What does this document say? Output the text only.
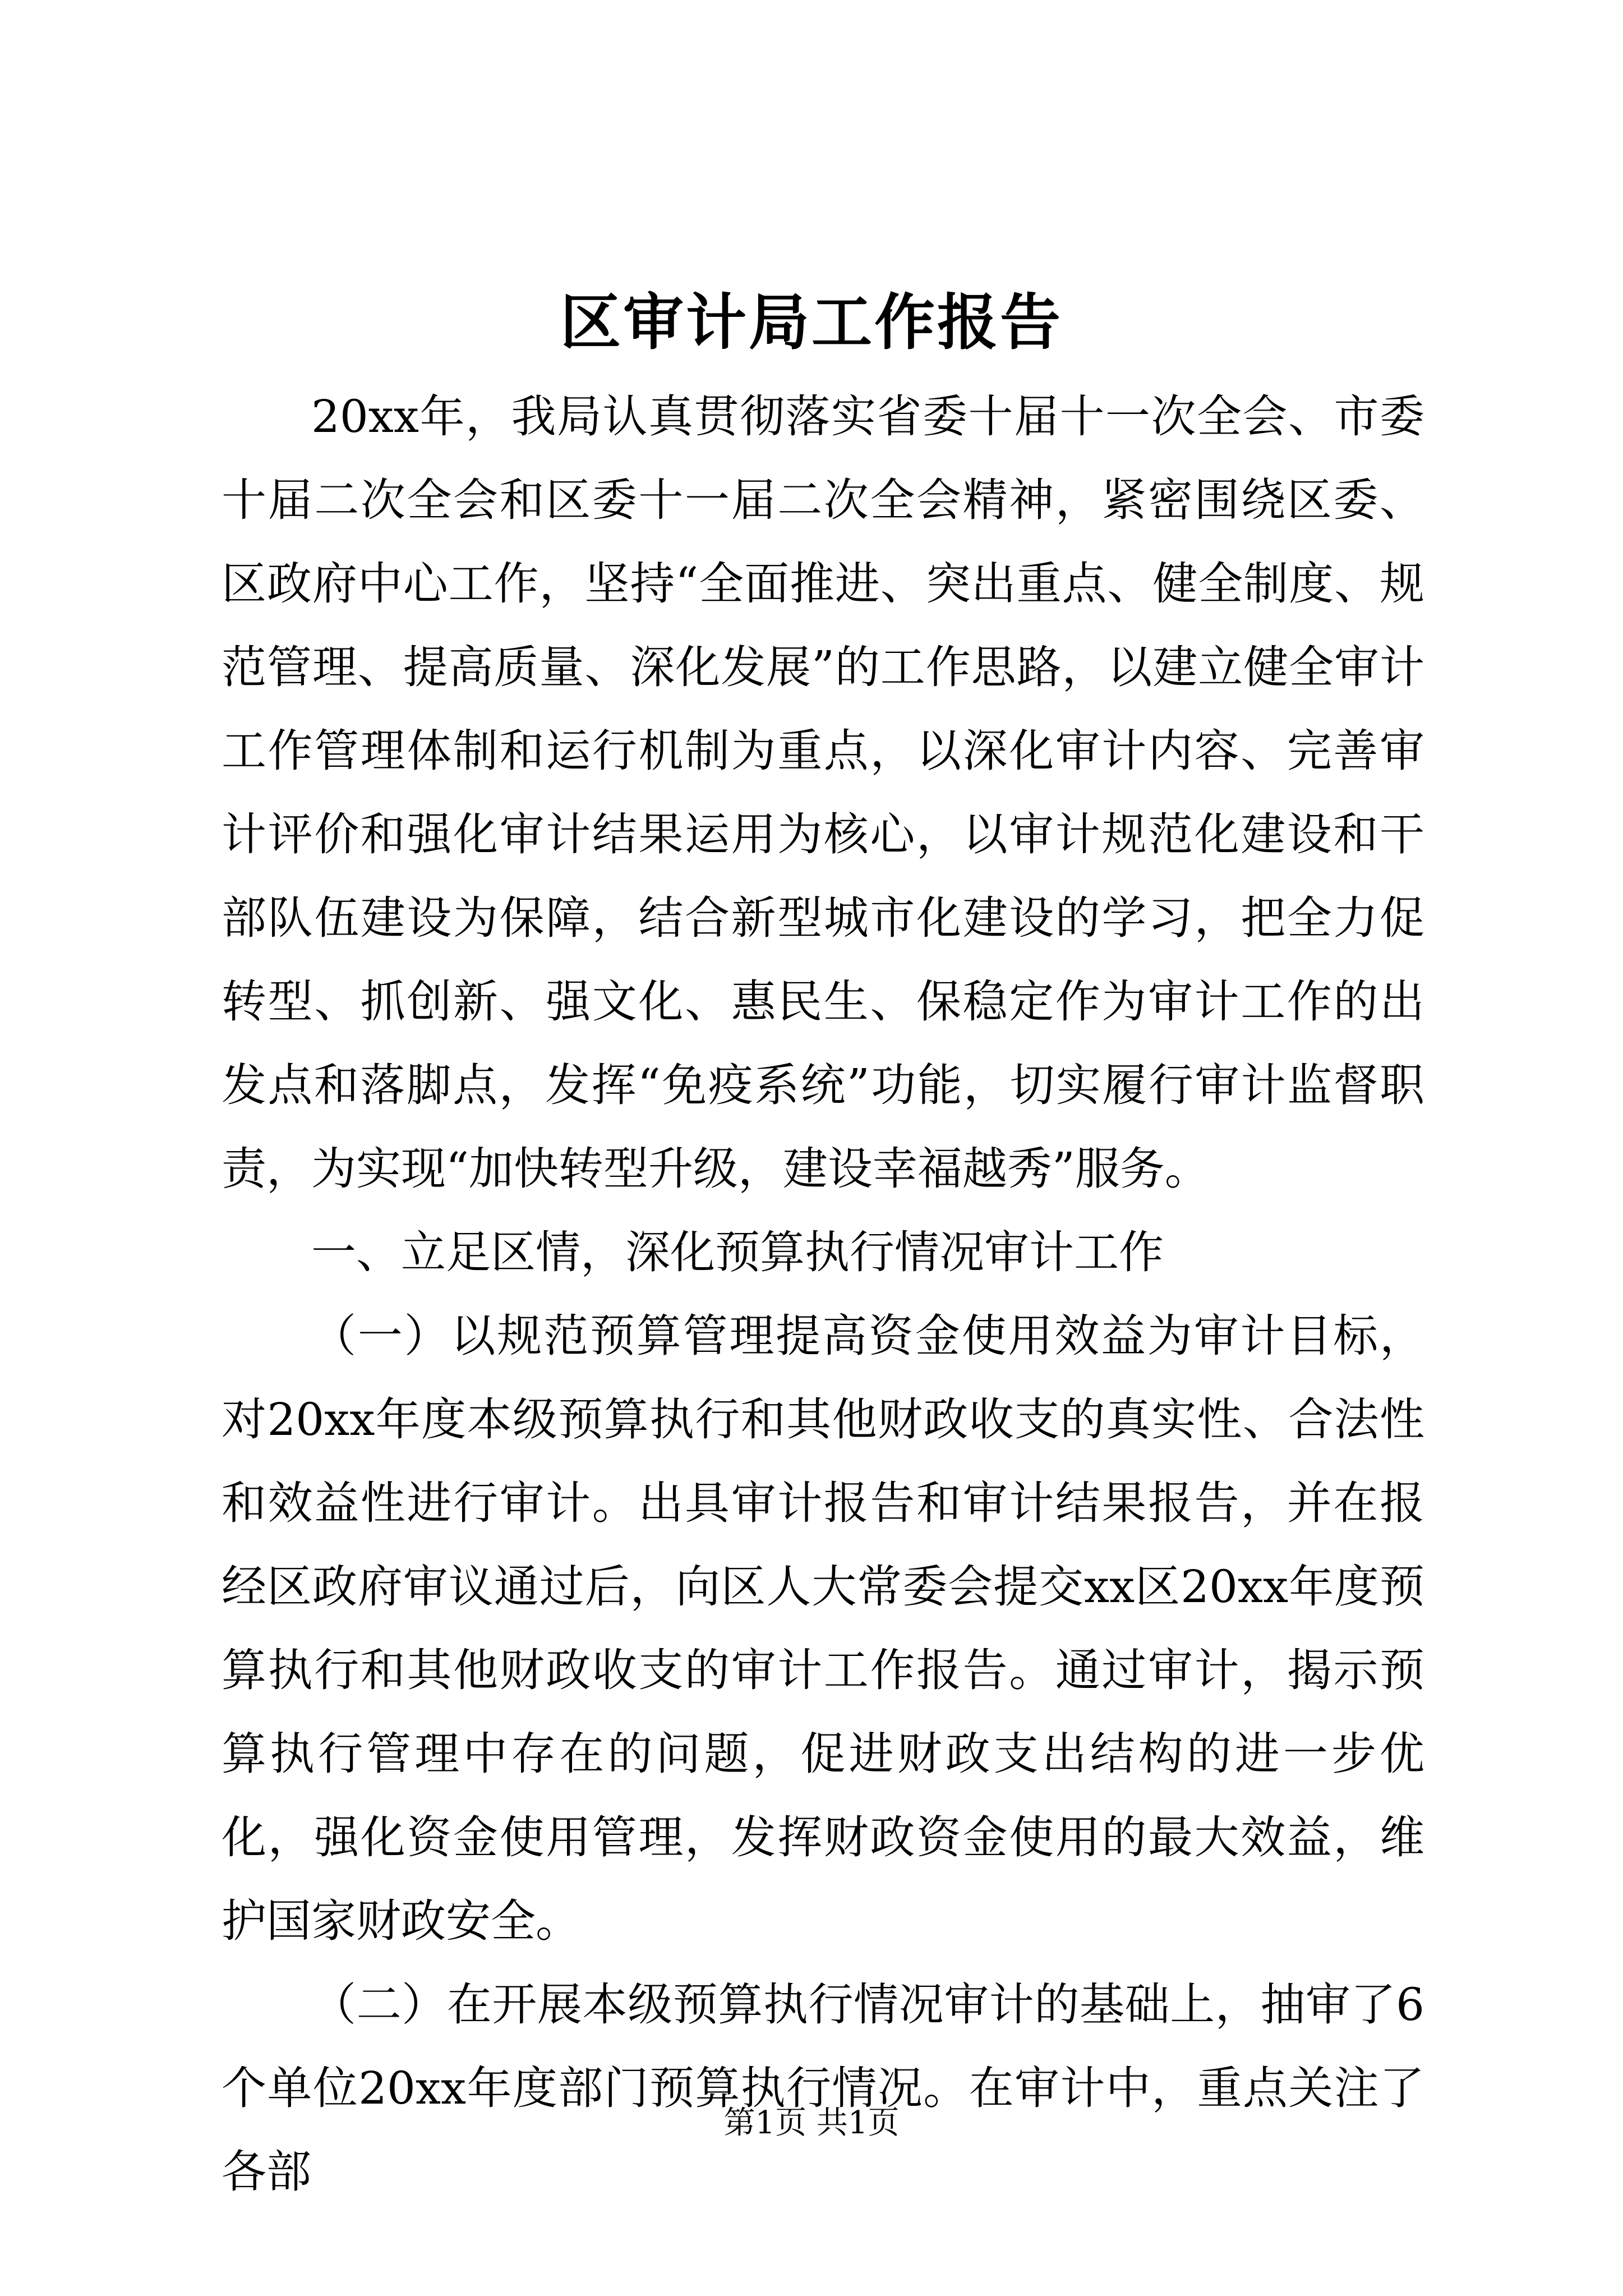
区审计局工作报告

20xx年，我局认真贯彻落实省委十届十一次全会、市委十届二次全会和区委十一届二次全会精神，紧密围绕区委、区政府中心工作，坚持“全面推进、突出重点、健全制度、规范管理、提高质量、深化发展”的工作思路，以建立健全审计工作管理体制和运行机制为重点，以深化审计内容、完善审计评价和强化审计结果运用为核心，以审计规范化建设和干部队伍建设为保障，结合新型城市化建设的学习，把全力促转型、抓创新、强文化、惠民生、保稳定作为审计工作的出发点和落脚点，发挥“免疫系统”功能，切实履行审计监督职责，为实现“加快转型升级，建设幸福越秀”服务。

一、立足区情，深化预算执行情况审计工作

（一）以规范预算管理提高资金使用效益为审计目标，对20xx年度本级预算执行和其他财政收支的真实性、合法性和效益性进行审计。出具审计报告和审计结果报告，并在报经区政府审议通过后，向区人大常委会提交xx区20xx年度预算执行和其他财政收支的审计工作报告。通过审计，揭示预算执行管理中存在的问题，促进财政支出结构的进一步优化，强化资金使用管理，发挥财政资金使用的最大效益，维护国家财政安全。

（二）在开展本级预算执行情况审计的基础上，抽审了6个单位20xx年度部门预算执行情况。在审计中，重点关注了各部

第1页 共1页
